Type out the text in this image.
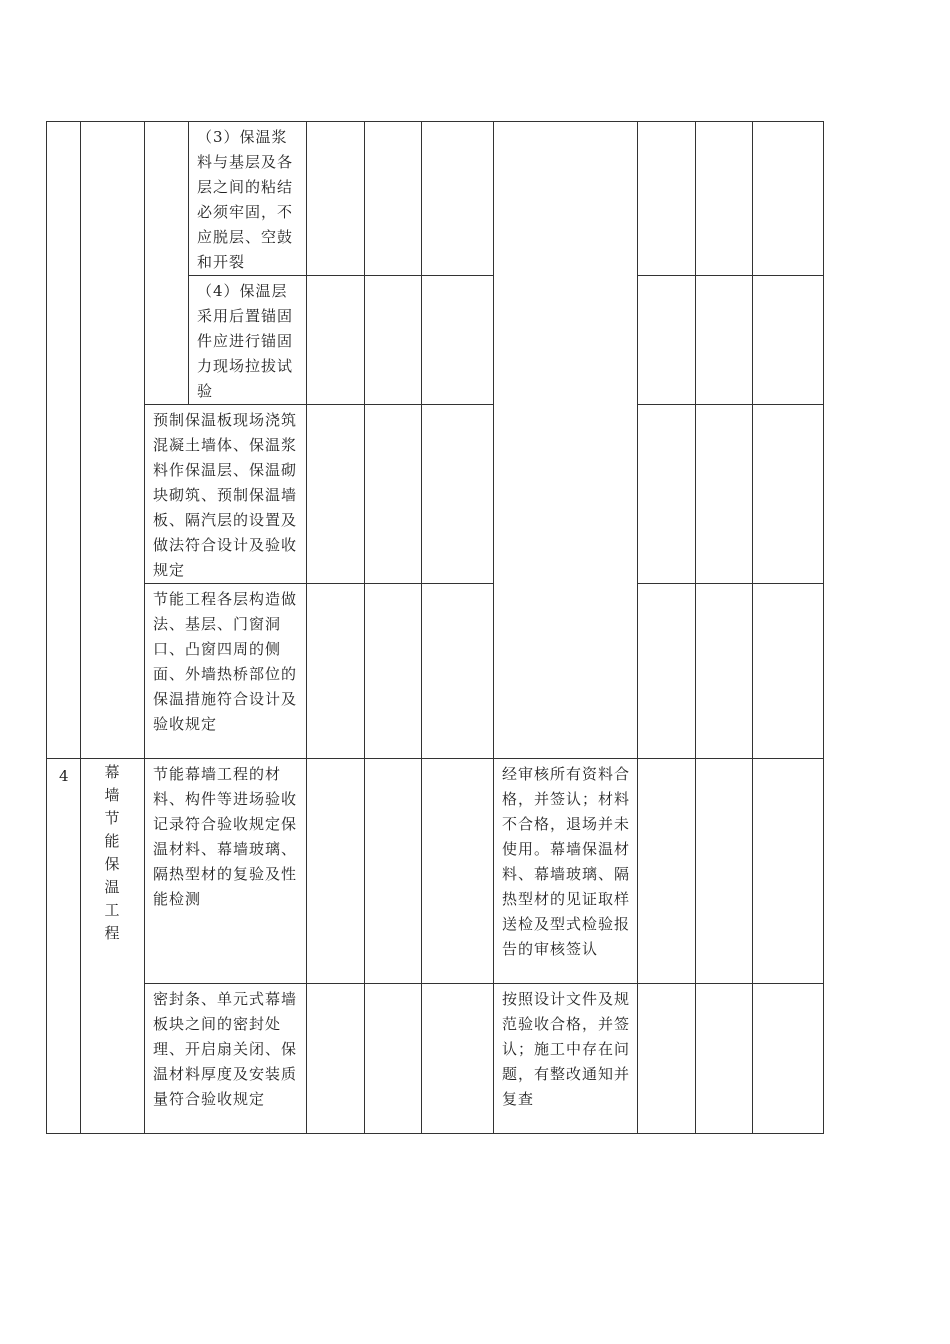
			（3）保温浆料与基层及各层之间的粘结必须牢固，不应脱层、空鼓和开裂							

			（4）保温层采用后置锚固件应进行锚固力现场拉拔试验							

		预制保温板现场浇筑混凝土墙体、保温浆料作保温层、保温砌块砌筑、预制保温墙板、隔汽层的设置及做法符合设计及验收规定								

		节能工程各层构造做法、基层、门窗洞口、凸窗四周的侧面、外墙热桥部位的保温措施符合设计及验收规定								

4	幕墙节能保温工程	节能幕墙工程的材料、构件等进场验收记录符合验收规定保温材料、幕墙玻璃、隔热型材的复验及性能检测					经审核所有资料合格，并签认；材料不合格，退场并未使用。幕墙保温材料、幕墙玻璃、隔热型材的见证取样送检及型式检验报告的审核签认			

		密封条、单元式幕墙板块之间的密封处理、开启扇关闭、保温材料厚度及安装质量符合验收规定					按照设计文件及规范验收合格，并签认；施工中存在问题，有整改通知并复查			
